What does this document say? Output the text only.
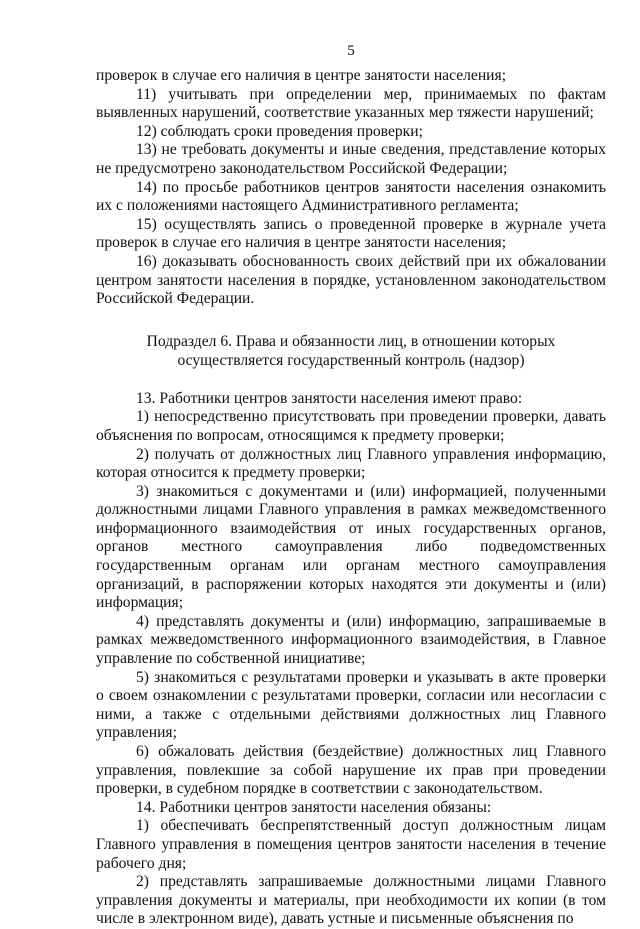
5

проверок в случае его наличия в центре занятости населения;

11) учитывать при определении мер, принимаемых по фактам выявленных нарушений, соответствие указанных мер тяжести нарушений;

12) соблюдать сроки проведения проверки;

13) не требовать документы и иные сведения, представление которых не предусмотрено законодательством Российской Федерации;

14) по просьбе работников центров занятости населения ознакомить их с положениями настоящего Административного регламента;

15) осуществлять запись о проведенной проверке в журнале учета проверок в случае его наличия в центре занятости населения;

16) доказывать обоснованность своих действий при их обжаловании центром занятости населения в порядке, установленном законодательством Российской Федерации.

Подраздел 6. Права и обязанности лиц, в отношении которых
осуществляется государственный контроль (надзор)

13. Работники центров занятости населения имеют право:

1) непосредственно присутствовать при проведении проверки, давать объяснения по вопросам, относящимся к предмету проверки;

2) получать от должностных лиц Главного управления информацию, которая относится к предмету проверки;

3) знакомиться с документами и (или) информацией, полученными должностными лицами Главного управления в рамках межведомственного информационного взаимодействия от иных государственных органов, органов местного самоуправления либо подведомственных государственным органам или органам местного самоуправления организаций, в распоряжении которых находятся эти документы и (или) информация;

4) представлять документы и (или) информацию, запрашиваемые в рамках межведомственного информационного взаимодействия, в Главное управление по собственной инициативе;

5) знакомиться с результатами проверки и указывать в акте проверки о своем ознакомлении с результатами проверки, согласии или несогласии с ними, а также с отдельными действиями должностных лиц Главного управления;

6) обжаловать действия (бездействие) должностных лиц Главного управления, повлекшие за собой нарушение их прав при проведении проверки, в судебном порядке в соответствии с законодательством.

14. Работники центров занятости населения обязаны:

1) обеспечивать беспрепятственный доступ должностным лицам Главного управления в помещения центров занятости населения в течение рабочего дня;

2) представлять запрашиваемые должностными лицами Главного управления документы и материалы, при необходимости их копии (в том числе в электронном виде), давать устные и письменные объяснения по
